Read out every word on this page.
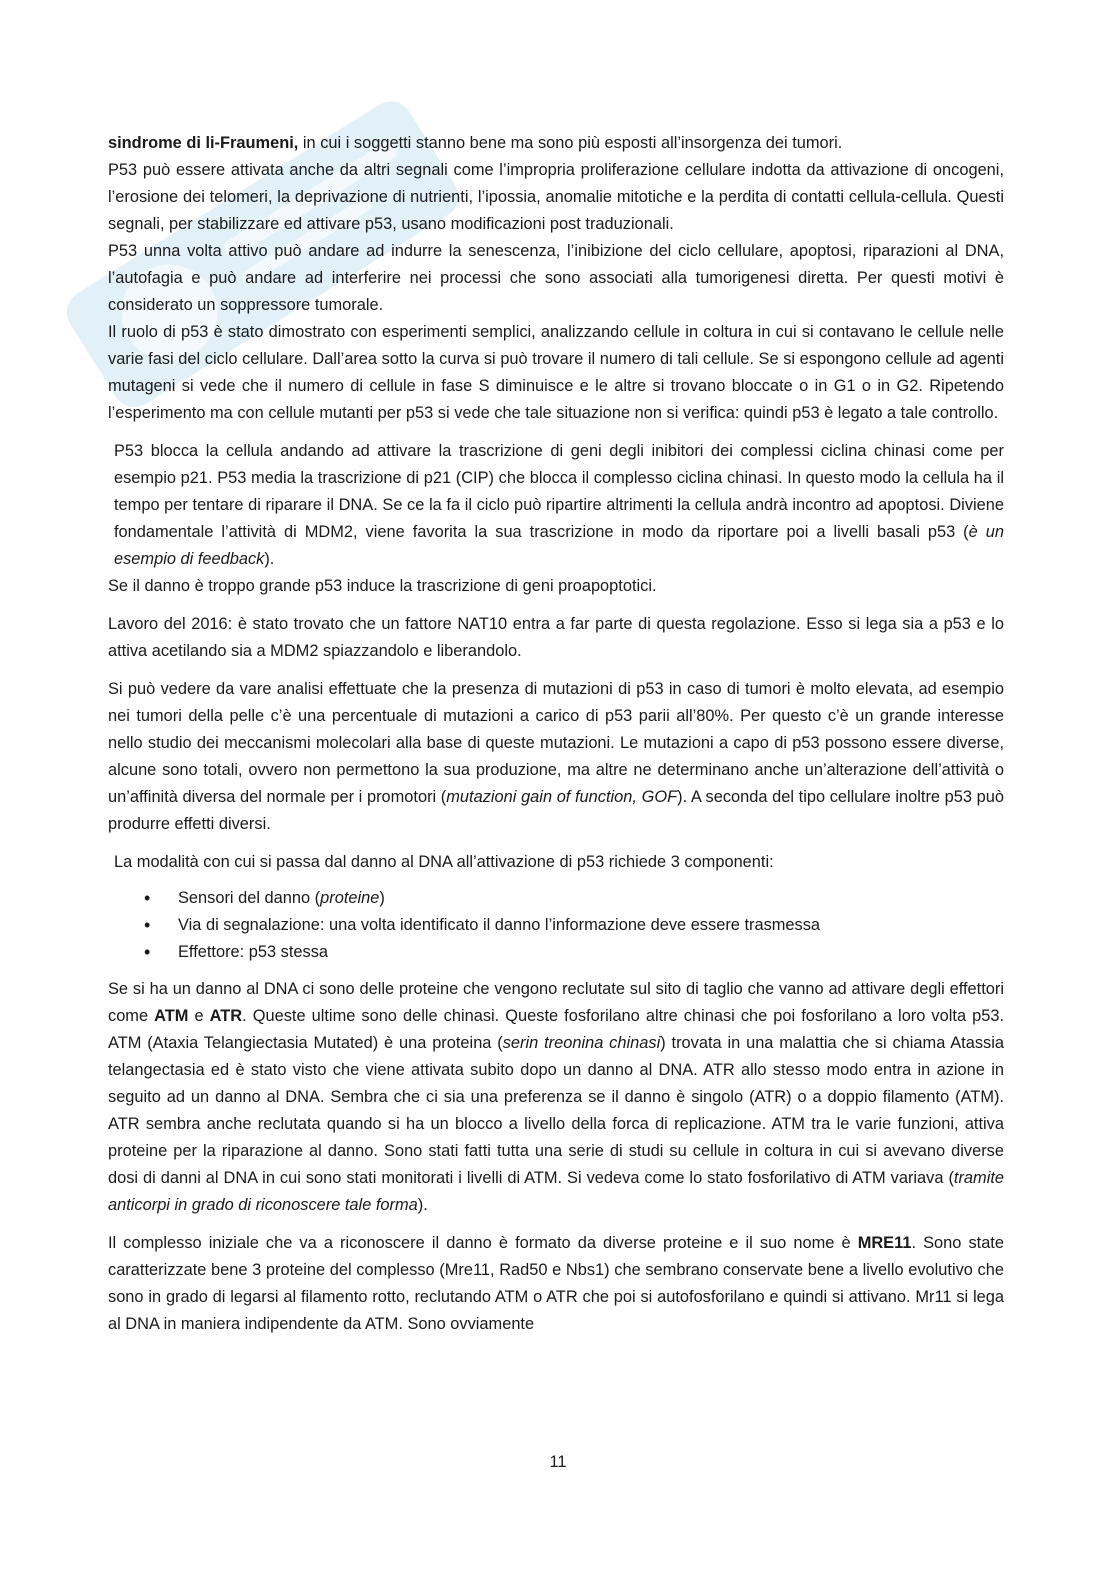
sindrome di li-Fraumeni, in cui i soggetti stanno bene ma sono più esposti all’insorgenza dei tumori.

P53 può essere attivata anche da altri segnali come l’impropria proliferazione cellulare indotta da attivazione di oncogeni, l’erosione dei telomeri, la deprivazione di nutrienti, l’ipossia, anomalie mitotiche e la perdita di contatti cellula-cellula. Questi segnali, per stabilizzare ed attivare p53, usano modificazioni post traduzionali.

P53 unna volta attivo può andare ad indurre la senescenza, l’inibizione del ciclo cellulare, apoptosi, riparazioni al DNA, l’autofagia e può andare ad interferire nei processi che sono associati alla tumorigenesi diretta. Per questi motivi è considerato un soppressore tumorale.

Il ruolo di p53 è stato dimostrato con esperimenti semplici, analizzando cellule in coltura in cui si contavano le cellule nelle varie fasi del ciclo cellulare. Dall’area sotto la curva si può trovare il numero di tali cellule. Se si espongono cellule ad agenti mutageni si vede che il numero di cellule in fase S diminuisce e le altre si trovano bloccate o in G1 o in G2. Ripetendo l’esperimento ma con cellule mutanti per p53 si vede che tale situazione non si verifica: quindi p53 è legato a tale controllo.

P53 blocca la cellula andando ad attivare la trascrizione di geni degli inibitori dei complessi ciclina chinasi come per esempio p21. P53 media la trascrizione di p21 (CIP) che blocca il complesso ciclina chinasi. In questo modo la cellula ha il tempo per tentare di riparare il DNA. Se ce la fa il ciclo può ripartire altrimenti la cellula andrà incontro ad apoptosi. Diviene fondamentale l’attività di MDM2, viene favorita la sua trascrizione in modo da riportare poi a livelli basali p53 (è un esempio di feedback).

Se il danno è troppo grande p53 induce la trascrizione di geni proapoptotici.

Lavoro del 2016: è stato trovato che un fattore NAT10 entra a far parte di questa regolazione. Esso si lega sia a p53 e lo attiva acetilando sia a MDM2 spiazzandolo e liberandolo.

Si può vedere da vare analisi effettuate che la presenza di mutazioni di p53 in caso di tumori è molto elevata, ad esempio nei tumori della pelle c’è una percentuale di mutazioni a carico di p53 parii all’80%. Per questo c’è un grande interesse nello studio dei meccanismi molecolari alla base di queste mutazioni. Le mutazioni a capo di p53 possono essere diverse, alcune sono totali, ovvero non permettono la sua produzione, ma altre ne determinano anche un’alterazione dell’attività o un’affinità diversa del normale per i promotori (mutazioni gain of function, GOF). A seconda del tipo cellulare inoltre p53 può produrre effetti diversi.

La modalità con cui si passa dal danno al DNA all’attivazione di p53 richiede 3 componenti:

• Sensori del danno (proteine)
• Via di segnalazione: una volta identificato il danno l’informazione deve essere trasmessa
• Effettore: p53 stessa

Se si ha un danno al DNA ci sono delle proteine che vengono reclutate sul sito di taglio che vanno ad attivare degli effettori come ATM e ATR. Queste ultime sono delle chinasi. Queste fosforilano altre chinasi che poi fosforilano a loro volta p53. ATM (Ataxia Telangiectasia Mutated) è una proteina (serin treonina chinasi) trovata in una malattia che si chiama Atassia telangectasia ed è stato visto che viene attivata subito dopo un danno al DNA. ATR allo stesso modo entra in azione in seguito ad un danno al DNA. Sembra che ci sia una preferenza se il danno è singolo (ATR) o a doppio filamento (ATM). ATR sembra anche reclutata quando si ha un blocco a livello della forca di replicazione. ATM tra le varie funzioni, attiva proteine per la riparazione al danno. Sono stati fatti tutta una serie di studi su cellule in coltura in cui si avevano diverse dosi di danni al DNA in cui sono stati monitorati i livelli di ATM. Si vedeva come lo stato fosforilativo di ATM variava (tramite anticorpi in grado di riconoscere tale forma).

Il complesso iniziale che va a riconoscere il danno è formato da diverse proteine e il suo nome è MRE11. Sono state caratterizzate bene 3 proteine del complesso (Mre11, Rad50 e Nbs1) che sembrano conservate bene a livello evolutivo che sono in grado di legarsi al filamento rotto, reclutando ATM o ATR che poi si autofosforilano e quindi si attivano. Mr11 si lega al DNA in maniera indipendente da ATM. Sono ovviamente

11
